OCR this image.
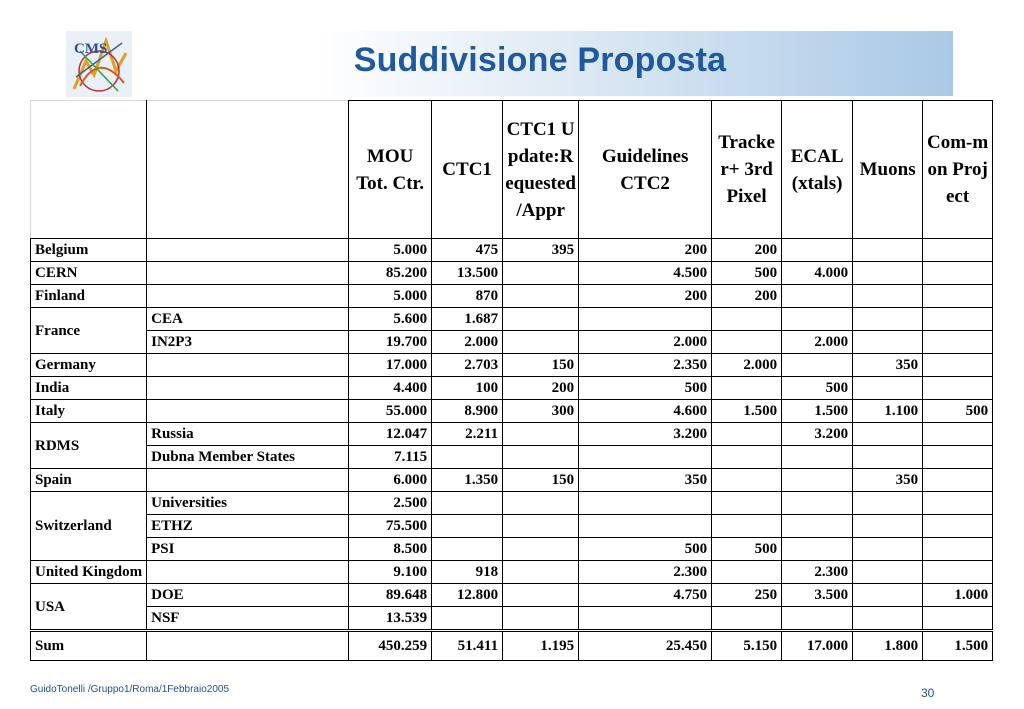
Suddivisione Proposta
CMS
		MOU Tot. Ctr.	CTC1	CTC1 Update:Requested /Appr	Guidelines CTC2	Tracker+ 3rd Pixel	ECAL (xtals)	Muons	Com-mon Project
Belgium		5.000	475	395	200	200			
CERN		85.200	13.500		4.500	500	4.000		
Finland		5.000	870		200	200			
France	CEA	5.600	1.687						
	IN2P3	19.700	2.000		2.000		2.000		
Germany		17.000	2.703	150	2.350	2.000		350	
India		4.400	100	200	500		500		
Italy		55.000	8.900	300	4.600	1.500	1.500	1.100	500
RDMS	Russia	12.047	2.211		3.200		3.200		
	Dubna Member States	7.115							
Spain		6.000	1.350	150	350			350	
Switzerland	Universities	2.500							
	ETHZ	75.500							
	PSI	8.500			500	500			
United Kingdom		9.100	918		2.300		2.300		
USA	DOE	89.648	12.800		4.750	250	3.500		1.000
	NSF	13.539							
Sum		450.259	51.411	1.195	25.450	5.150	17.000	1.800	1.500
GuidoTonelli /Gruppo1/Roma/1Febbraio2005	30
